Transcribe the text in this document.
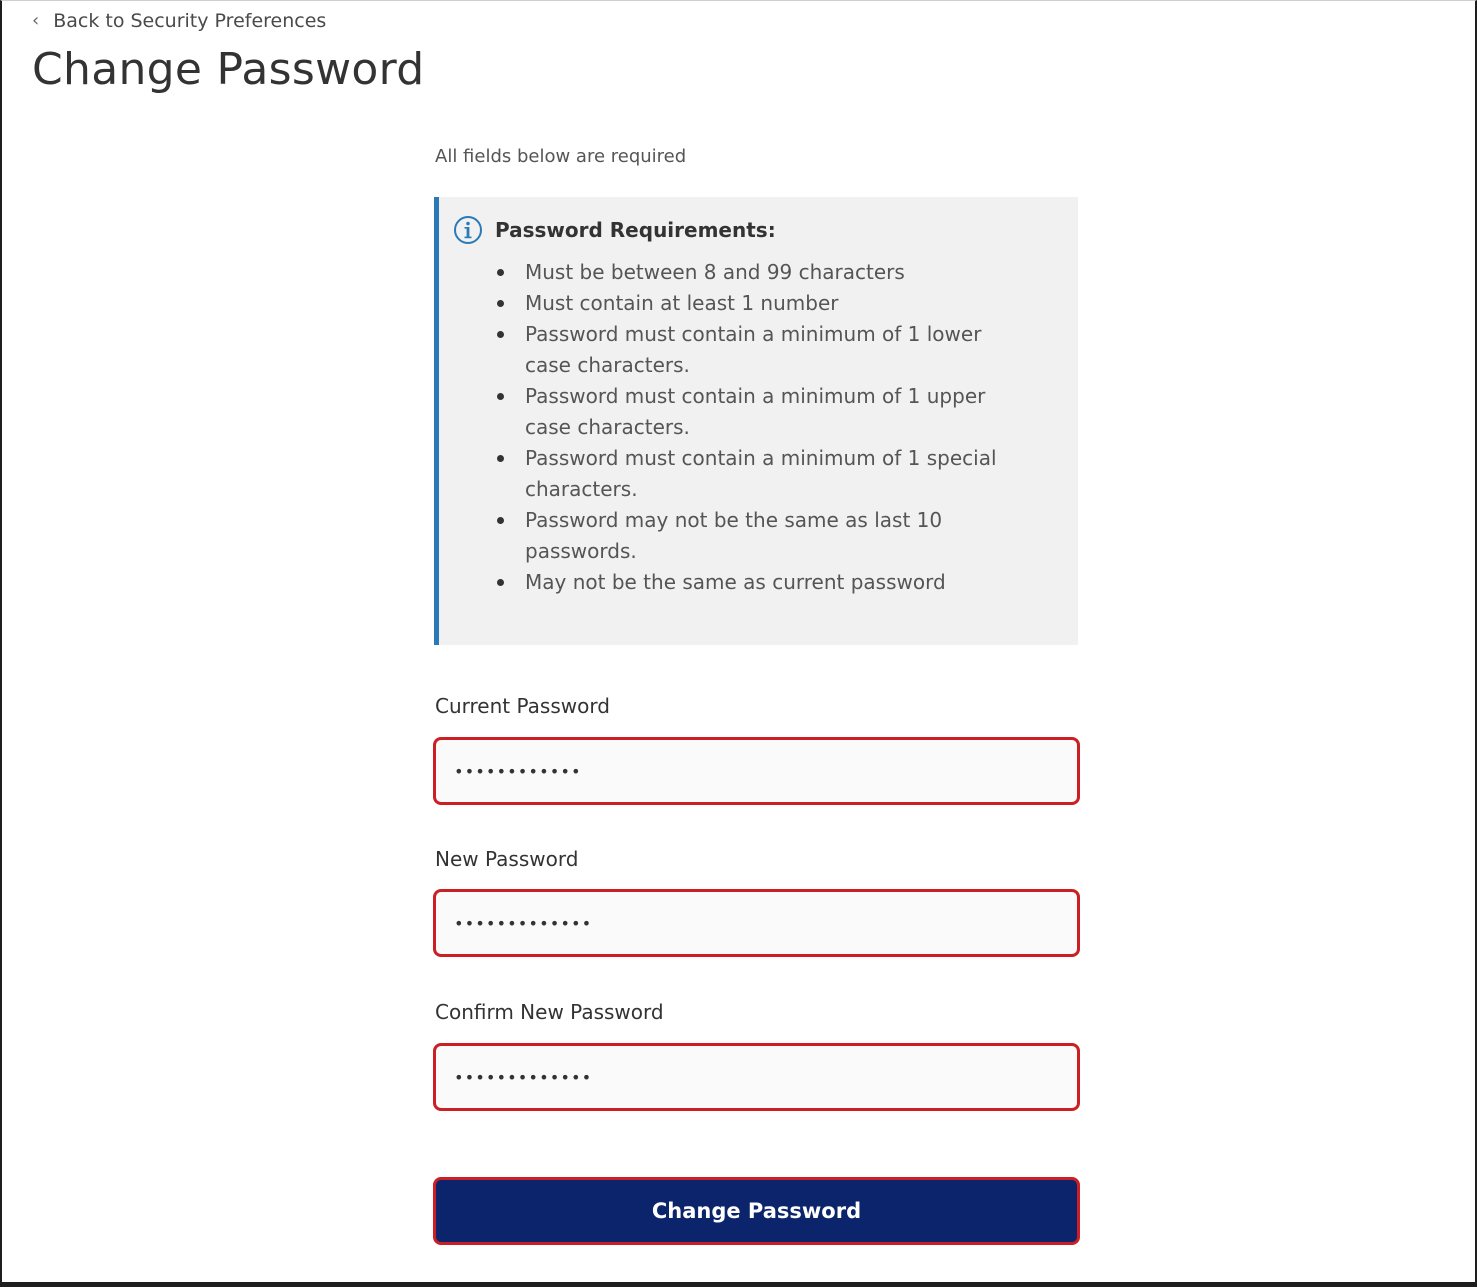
‹ Back to Security Preferences
Change Password
All fields below are required
Password Requirements:
Must be between 8 and 99 characters
Must contain at least 1 number
Password must contain a minimum of 1 lower case characters.
Password must contain a minimum of 1 upper case characters.
Password must contain a minimum of 1 special characters.
Password may not be the same as last 10 passwords.
May not be the same as current password
Current Password
••••••••••••
New Password
•••••••••••••
Confirm New Password
•••••••••••••
Change Password
